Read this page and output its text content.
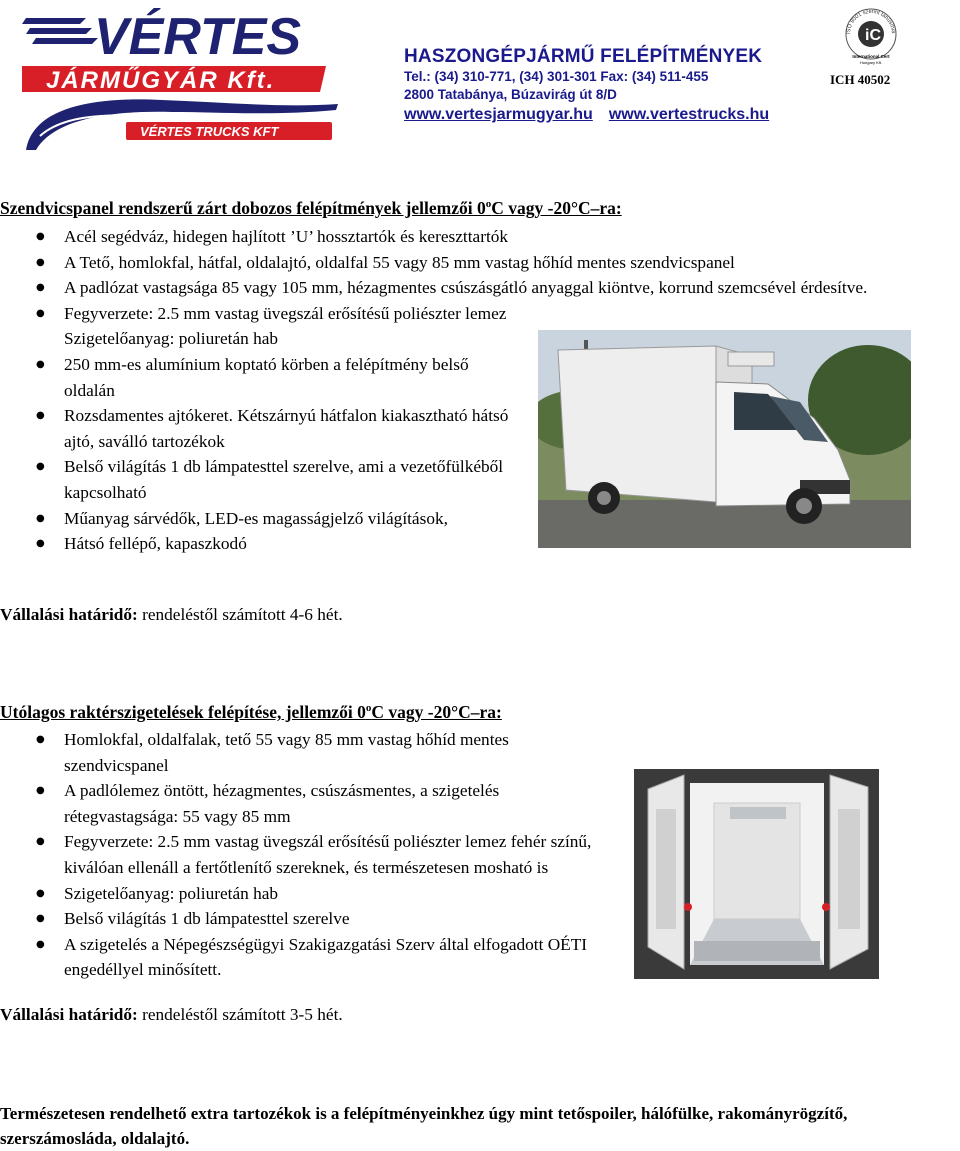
VÉRTES
JÁRMŰGYÁR Kft.
VÉRTES TRUCKS KFT
HASZONGÉPJÁRMŰ FELÉPÍTMÉNYEK
Tel.: (34) 310-771, (34) 301-301 Fax: (34) 511-455
2800 Tatabánya, Búzavirág út 8/D
www.vertesjarmugyar.hu www.vertestrucks.hu
ISO 9001 szerint tanúsítva
iC
International Cert
Hungary Kft.
ICH 40502
Szendvicspanel rendszerű zárt dobozos felépítmények jellemzői 0$^o$C vagy -20°C–ra:
● Acél segédváz, hidegen hajlított ’U’ hossztartók és kereszttartók
● A Tető, homlokfal, hátfal, oldalajtó, oldalfal 55 vagy 85 mm vastag hőhíd mentes szendvicspanel
● A padlózat vastagsága 85 vagy 105 mm, hézagmentes csúszásgátló anyaggal kiöntve, korrund szemcsével érdesítve.
● Fegyverzete: 2.5 mm vastag üvegszál erősítésű poliészter lemez Szigetelőanyag: poliuretán hab
● 250 mm-es alumínium koptató körben a felépítmény belső oldalán
● Rozsdamentes ajtókeret. Kétszárnyú hátfalon kiakasztható hátsó ajtó, saválló tartozékok
● Belső világítás 1 db lámpatesttel szerelve, ami a vezetőfülkéből kapcsolható
● Műanyag sárvédők, LED-es magasságjelző világítások,
● Hátsó fellépő, kapaszkodó
Vállalási határidő: rendeléstől számított 4-6 hét.
Utólagos raktérszigetelések felépítése, jellemzői 0$^o$C vagy -20°C–ra:
● Homlokfal, oldalfalak, tető 55 vagy 85 mm vastag hőhíd mentes szendvicspanel
● A padlólemez öntött, hézagmentes, csúszásmentes, a szigetelés rétegvastagsága: 55 vagy 85 mm
● Fegyverzete: 2.5 mm vastag üvegszál erősítésű poliészter lemez fehér színű, kiválóan ellenáll a fertőtlenítő szereknek, és természetesen mosható is
● Szigetelőanyag: poliuretán hab
● Belső világítás 1 db lámpatesttel szerelve
● A szigetelés a Népegészségügyi Szakigazgatási Szerv által elfogadott OÉTI engedéllyel minősített.
Vállalási határidő: rendeléstől számított 3-5 hét.
Természetesen rendelhető extra tartozékok is a felépítményeinkhez úgy mint tetőspoiler, hálófülke, rakományrögzítő, szerszámosláda, oldalajtó.
